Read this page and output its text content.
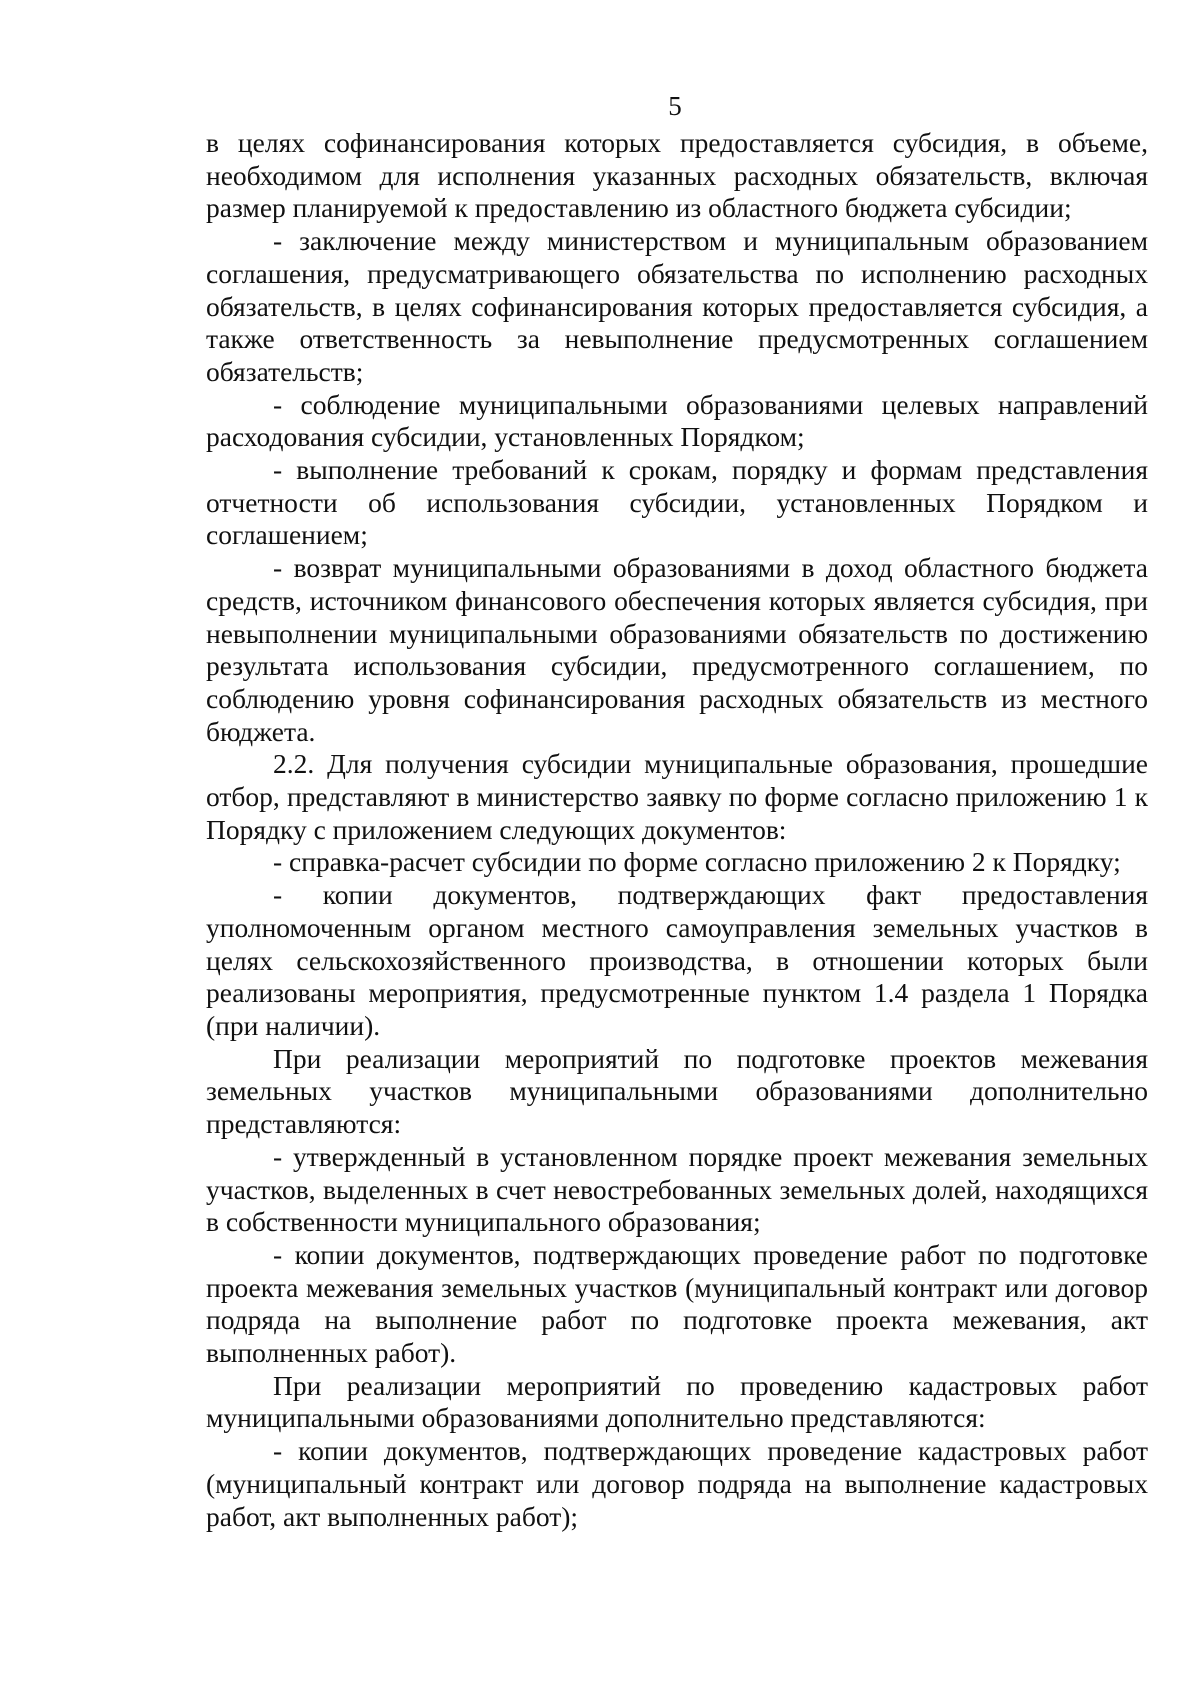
5

в целях софинансирования которых предоставляется субсидия, в объеме, необходимом для исполнения указанных расходных обязательств, включая размер планируемой к предоставлению из областного бюджета субсидии;

- заключение между министерством и муниципальным образованием соглашения, предусматривающего обязательства по исполнению расходных обязательств, в целях софинансирования которых предоставляется субсидия, а также ответственность за невыполнение предусмотренных соглашением обязательств;

- соблюдение муниципальными образованиями целевых направлений расходования субсидии, установленных Порядком;

- выполнение требований к срокам, порядку и формам представления отчетности об использования субсидии, установленных Порядком и соглашением;

- возврат муниципальными образованиями в доход областного бюджета средств, источником финансового обеспечения которых является субсидия, при невыполнении муниципальными образованиями обязательств по достижению результата использования субсидии, предусмотренного соглашением, по соблюдению уровня софинансирования расходных обязательств из местного бюджета.

2.2. Для получения субсидии муниципальные образования, прошедшие отбор, представляют в министерство заявку по форме согласно приложению 1 к Порядку с приложением следующих документов:

- справка-расчет субсидии по форме согласно приложению 2 к Порядку;

- копии документов, подтверждающих факт предоставления уполномоченным органом местного самоуправления земельных участков в целях сельскохозяйственного производства, в отношении которых были реализованы мероприятия, предусмотренные пунктом 1.4 раздела 1 Порядка (при наличии).

При реализации мероприятий по подготовке проектов межевания земельных участков муниципальными образованиями дополнительно представляются:

- утвержденный в установленном порядке проект межевания земельных участков, выделенных в счет невостребованных земельных долей, находящихся в собственности муниципального образования;

- копии документов, подтверждающих проведение работ по подготовке проекта межевания земельных участков (муниципальный контракт или договор подряда на выполнение работ по подготовке проекта межевания, акт выполненных работ).

При реализации мероприятий по проведению кадастровых работ муниципальными образованиями дополнительно представляются:

- копии документов, подтверждающих проведение кадастровых работ (муниципальный контракт или договор подряда на выполнение кадастровых работ, акт выполненных работ);
